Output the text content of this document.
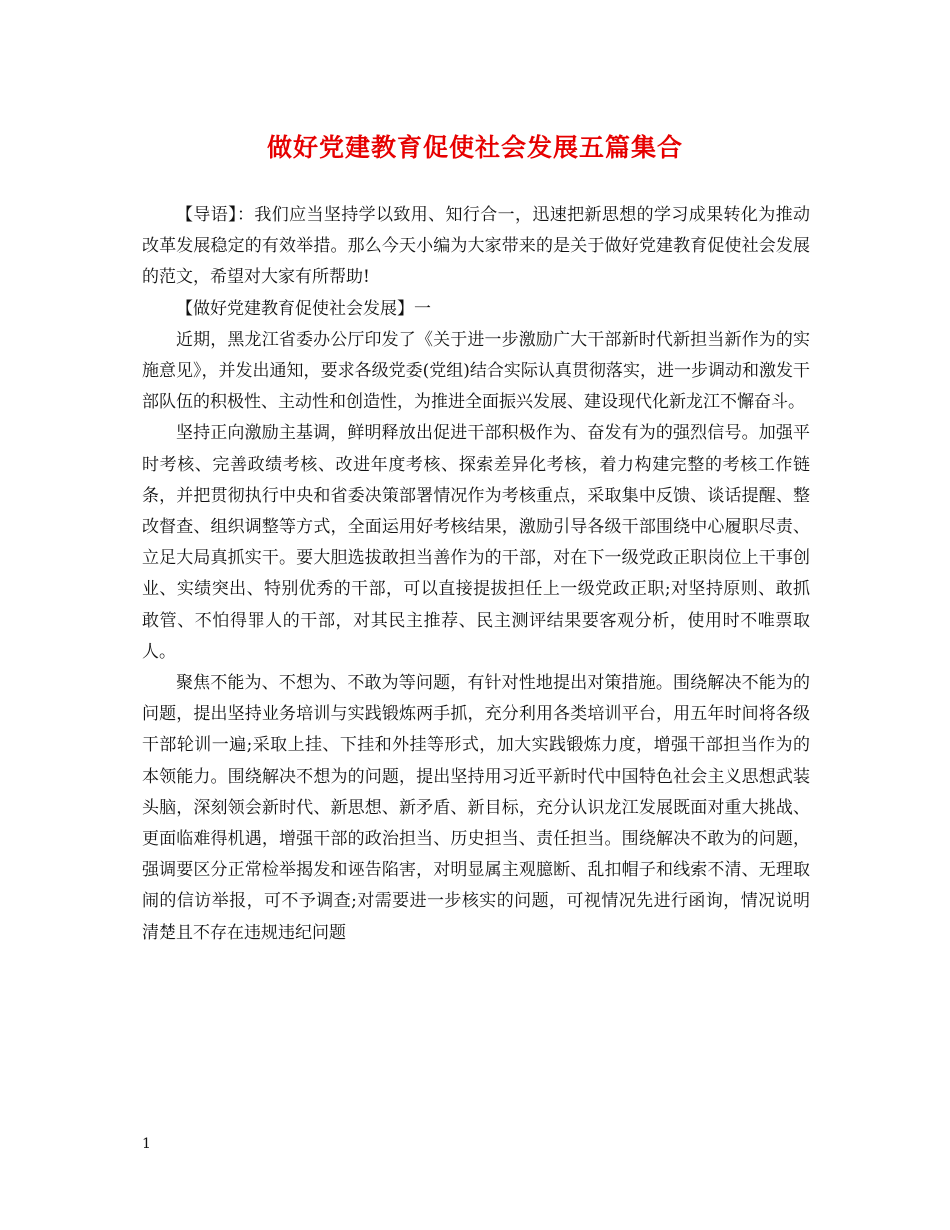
做好党建教育促使社会发展五篇集合

【导语】：我们应当坚持学以致用、知行合一，迅速把新思想的学习成果转化为推动改革发展稳定的有效举措。那么今天小编为大家带来的是关于做好党建教育促使社会发展的范文，希望对大家有所帮助!

【做好党建教育促使社会发展】一

近期，黑龙江省委办公厅印发了《关于进一步激励广大干部新时代新担当新作为的实施意见》，并发出通知，要求各级党委(党组)结合实际认真贯彻落实，进一步调动和激发干部队伍的积极性、主动性和创造性，为推进全面振兴发展、建设现代化新龙江不懈奋斗。

坚持正向激励主基调，鲜明释放出促进干部积极作为、奋发有为的强烈信号。加强平时考核、完善政绩考核、改进年度考核、探索差异化考核，着力构建完整的考核工作链条，并把贯彻执行中央和省委决策部署情况作为考核重点，采取集中反馈、谈话提醒、整改督查、组织调整等方式，全面运用好考核结果，激励引导各级干部围绕中心履职尽责、立足大局真抓实干。要大胆选拔敢担当善作为的干部，对在下一级党政正职岗位上干事创业、实绩突出、特别优秀的干部，可以直接提拔担任上一级党政正职;对坚持原则、敢抓敢管、不怕得罪人的干部，对其民主推荐、民主测评结果要客观分析，使用时不唯票取人。

聚焦不能为、不想为、不敢为等问题，有针对性地提出对策措施。围绕解决不能为的问题，提出坚持业务培训与实践锻炼两手抓，充分利用各类培训平台，用五年时间将各级干部轮训一遍;采取上挂、下挂和外挂等形式，加大实践锻炼力度，增强干部担当作为的本领能力。围绕解决不想为的问题，提出坚持用习近平新时代中国特色社会主义思想武装头脑，深刻领会新时代、新思想、新矛盾、新目标，充分认识龙江发展既面对重大挑战、更面临难得机遇，增强干部的政治担当、历史担当、责任担当。围绕解决不敢为的问题，强调要区分正常检举揭发和诬告陷害，对明显属主观臆断、乱扣帽子和线索不清、无理取闹的信访举报，可不予调查;对需要进一步核实的问题，可视情况先进行函询，情况说明清楚且不存在违规违纪问题

1
